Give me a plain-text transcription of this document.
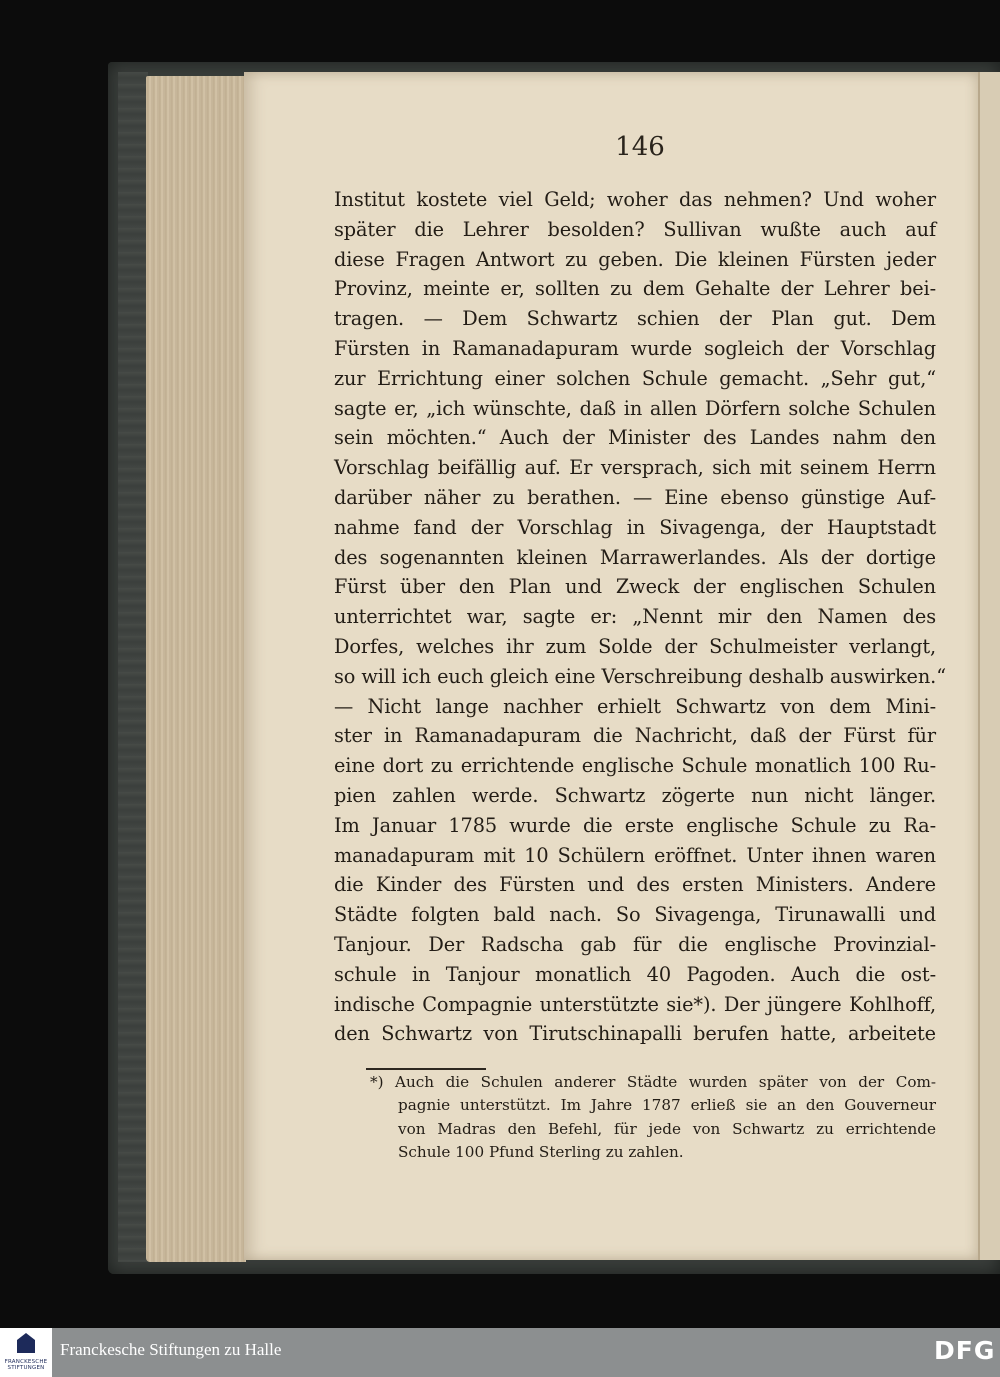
146
Institut kostete viel Geld; woher das nehmen? Und woher
später die Lehrer besolden? Sullivan wußte auch auf
diese Fragen Antwort zu geben. Die kleinen Fürsten jeder
Provinz, meinte er, sollten zu dem Gehalte der Lehrer bei-
tragen. — Dem Schwartz schien der Plan gut. Dem
Fürsten in Ramanadapuram wurde sogleich der Vorschlag
zur Errichtung einer solchen Schule gemacht. „Sehr gut,“
sagte er, „ich wünschte, daß in allen Dörfern solche Schulen
sein möchten.“ Auch der Minister des Landes nahm den
Vorschlag beifällig auf. Er versprach, sich mit seinem Herrn
darüber näher zu berathen. — Eine ebenso günstige Auf-
nahme fand der Vorschlag in Sivagenga, der Hauptstadt
des sogenannten kleinen Marrawerlandes. Als der dortige
Fürst über den Plan und Zweck der englischen Schulen
unterrichtet war, sagte er: „Nennt mir den Namen des
Dorfes, welches ihr zum Solde der Schulmeister verlangt,
so will ich euch gleich eine Verschreibung deshalb auswirken.“
— Nicht lange nachher erhielt Schwartz von dem Mini-
ster in Ramanadapuram die Nachricht, daß der Fürst für
eine dort zu errichtende englische Schule monatlich 100 Ru-
pien zahlen werde. Schwartz zögerte nun nicht länger.
Im Januar 1785 wurde die erste englische Schule zu Ra-
manadapuram mit 10 Schülern eröffnet. Unter ihnen waren
die Kinder des Fürsten und des ersten Ministers. Andere
Städte folgten bald nach. So Sivagenga, Tirunawalli und
Tanjour. Der Radscha gab für die englische Provinzial-
schule in Tanjour monatlich 40 Pagoden. Auch die ost-
indische Compagnie unterstützte sie*). Der jüngere Kohlhoff,
den Schwartz von Tirutschinapalli berufen hatte, arbeitete
*) Auch die Schulen anderer Städte wurden später von der Com-
pagnie unterstützt. Im Jahre 1787 erließ sie an den Gouverneur
von Madras den Befehl, für jede von Schwartz zu errichtende
Schule 100 Pfund Sterling zu zahlen.
FRANCKESCHE STIFTUNGEN
Franckesche Stiftungen zu Halle	DFG
